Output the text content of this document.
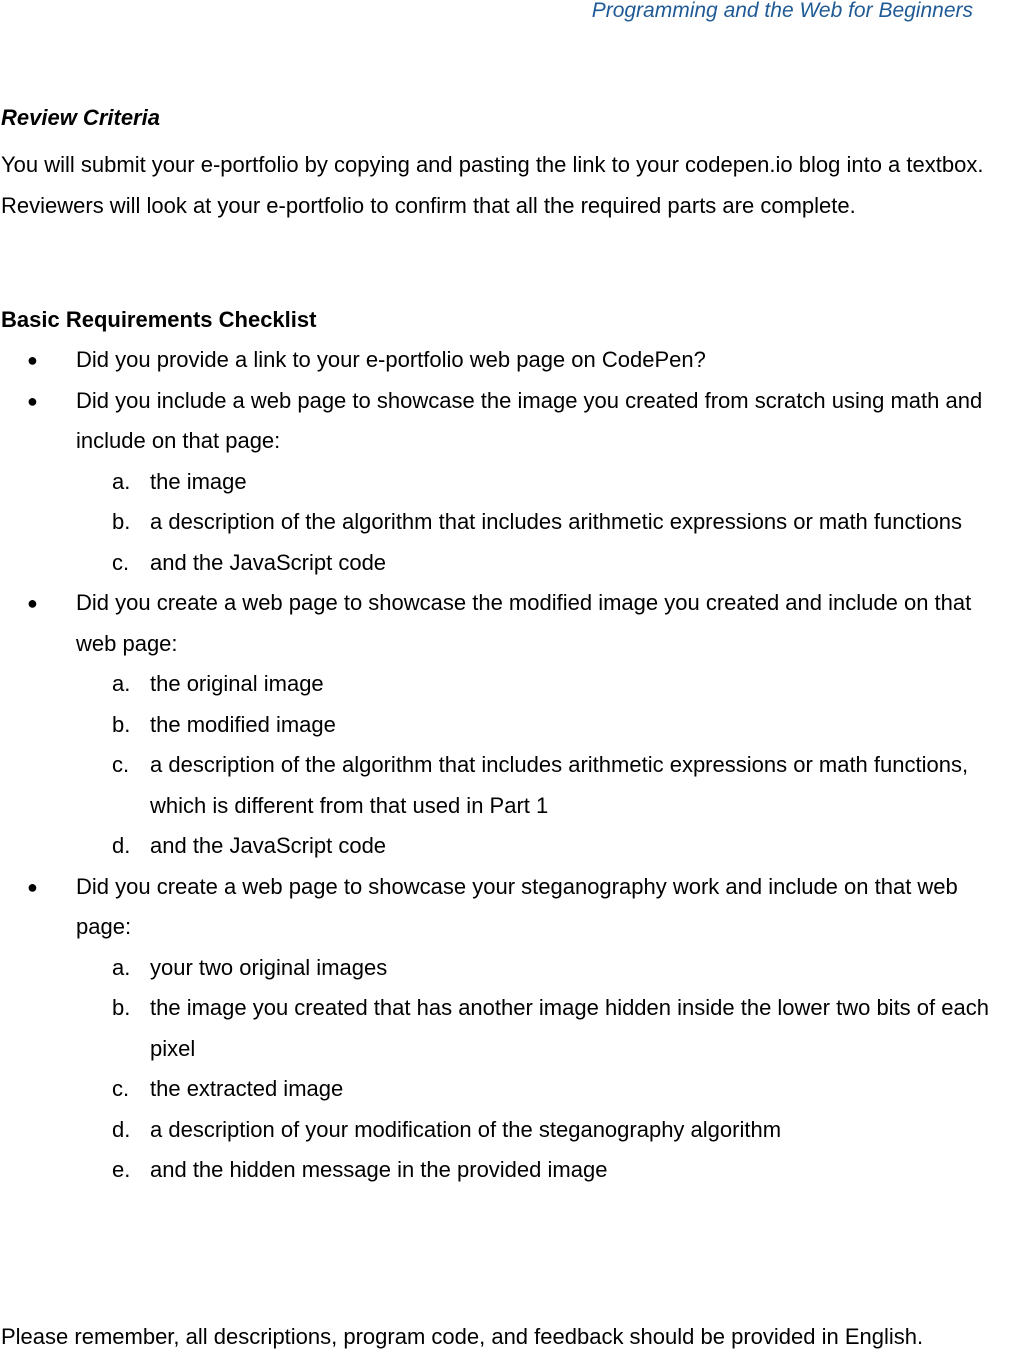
Programming and the Web for Beginners
Review Criteria

You will submit your e-portfolio by copying and pasting the link to your codepen.io blog into a textbox. Reviewers will look at your e-portfolio to confirm that all the required parts are complete.

Basic Requirements Checklist
● Did you provide a link to your e-portfolio web page on CodePen?
● Did you include a web page to showcase the image you created from scratch using math and include on that page:
a. the image
b. a description of the algorithm that includes arithmetic expressions or math functions
c. and the JavaScript code
● Did you create a web page to showcase the modified image you created and include on that web page:
a. the original image
b. the modified image
c. a description of the algorithm that includes arithmetic expressions or math functions, which is different from that used in Part 1
d. and the JavaScript code
● Did you create a web page to showcase your steganography work and include on that web page:
a. your two original images
b. the image you created that has another image hidden inside the lower two bits of each pixel
c. the extracted image
d. a description of your modification of the steganography algorithm
e. and the hidden message in the provided image
Please remember, all descriptions, program code, and feedback should be provided in English.
